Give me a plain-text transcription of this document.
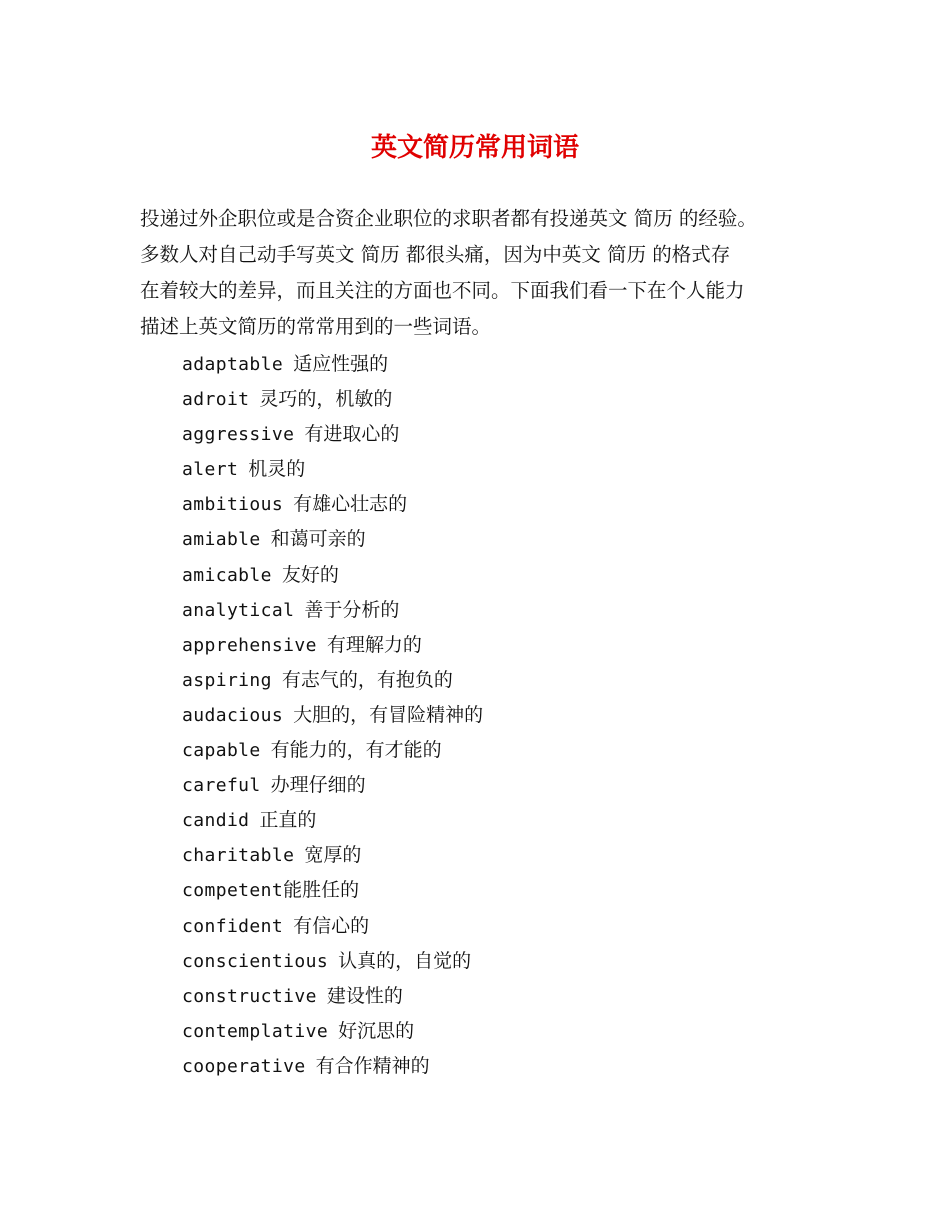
英文简历常用词语

投递过外企职位或是合资企业职位的求职者都有投递英文 简历 的经验。

多数人对自己动手写英文 简历 都很头痛，因为中英文 简历 的格式存

在着较大的差异，而且关注的方面也不同。下面我们看一下在个人能力

描述上英文简历的常常用到的一些词语。

adaptable 适应性强的
adroit 灵巧的，机敏的
aggressive 有进取心的
alert 机灵的
ambitious 有雄心壮志的
amiable 和蔼可亲的
amicable 友好的
analytical 善于分析的
apprehensive 有理解力的
aspiring 有志气的，有抱负的
audacious 大胆的，有冒险精神的
capable 有能力的，有才能的
careful 办理仔细的
candid 正直的
charitable 宽厚的
competent能胜任的
confident 有信心的
conscientious 认真的，自觉的
constructive 建设性的
contemplative 好沉思的
cooperative 有合作精神的
